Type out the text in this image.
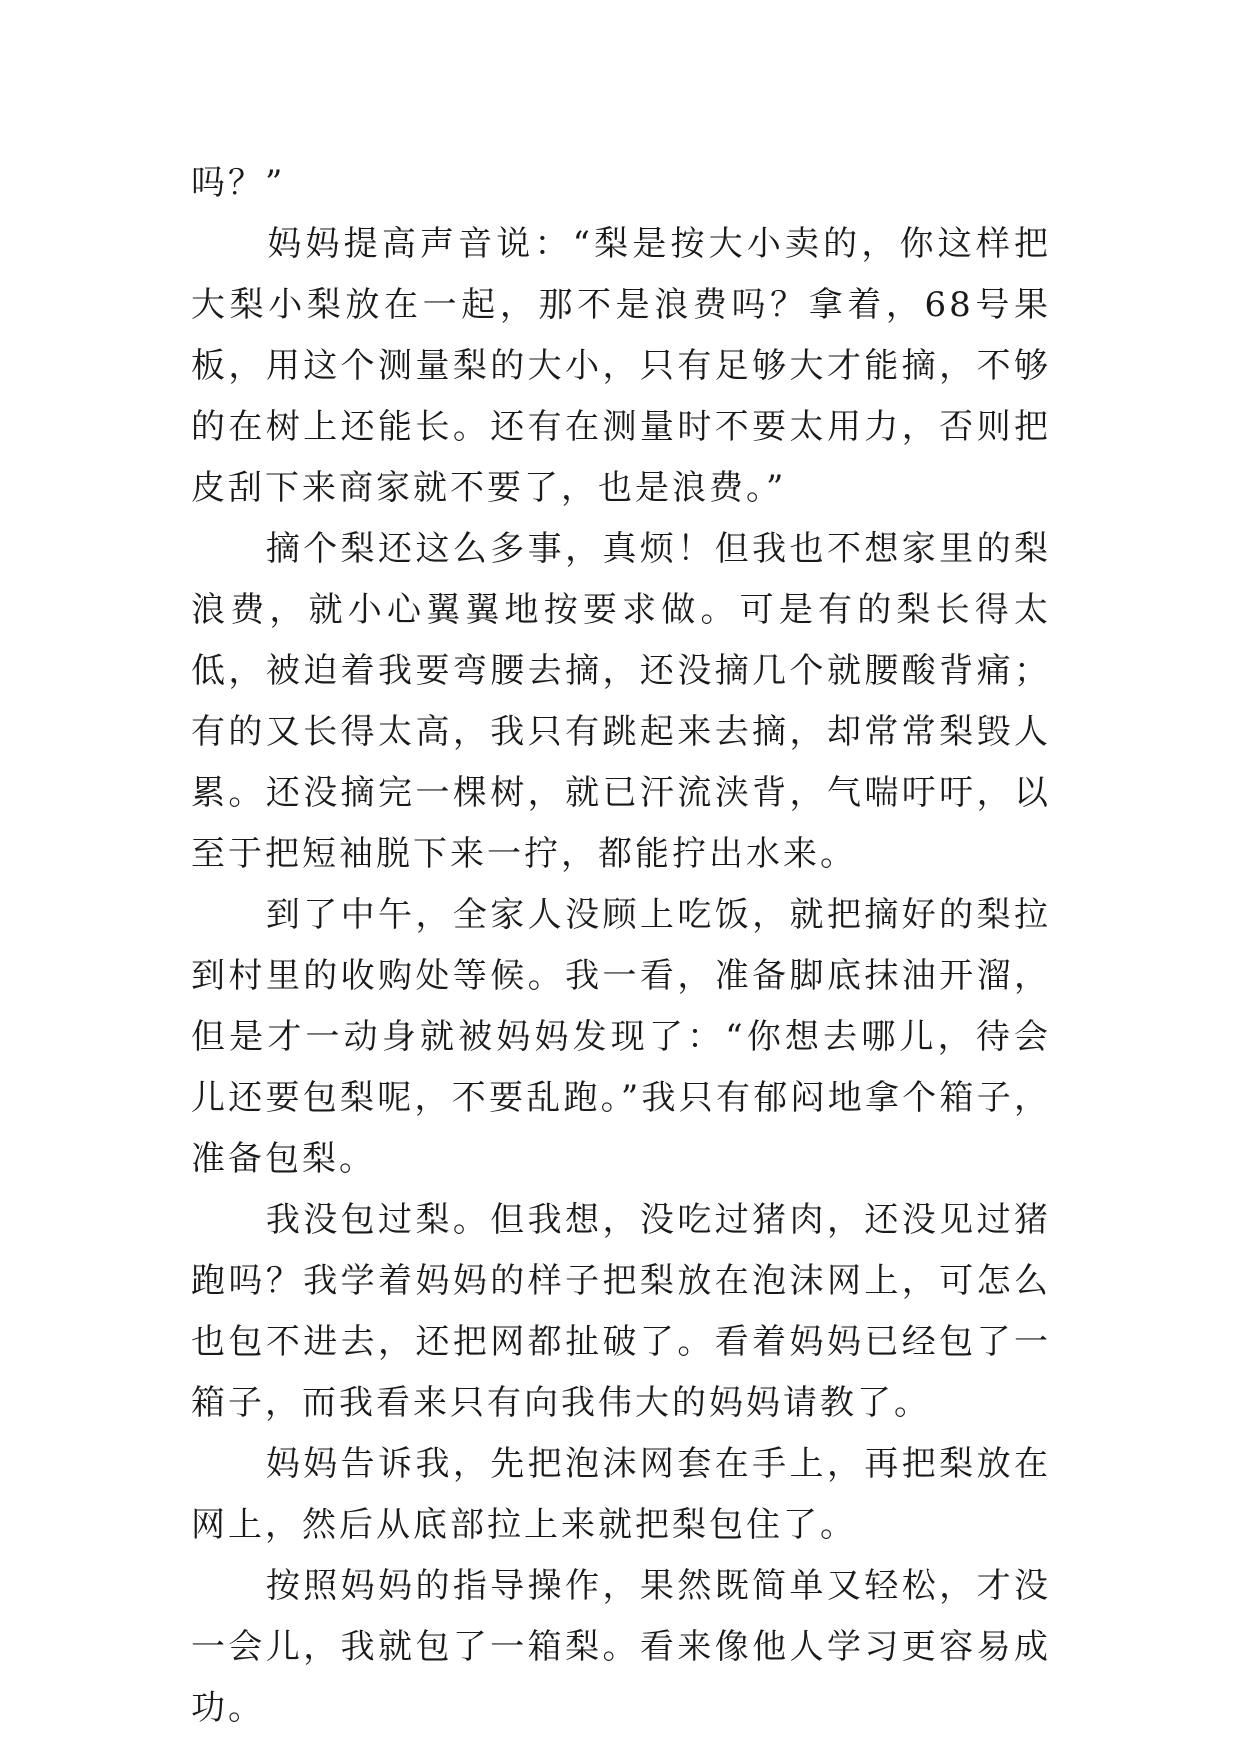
吗？”

　　妈妈提高声音说：“梨是按大小卖的，你这样把大梨小梨放在一起，那不是浪费吗？拿着，68号果板，用这个测量梨的大小，只有足够大才能摘，不够的在树上还能长。还有在测量时不要太用力，否则把皮刮下来商家就不要了，也是浪费。”

　　摘个梨还这么多事，真烦！但我也不想家里的梨浪费，就小心翼翼地按要求做。可是有的梨长得太低，被迫着我要弯腰去摘，还没摘几个就腰酸背痛；有的又长得太高，我只有跳起来去摘，却常常梨毁人累。还没摘完一棵树，就已汗流浃背，气喘吁吁，以至于把短袖脱下来一拧，都能拧出水来。

　　到了中午，全家人没顾上吃饭，就把摘好的梨拉到村里的收购处等候。我一看，准备脚底抹油开溜，但是才一动身就被妈妈发现了：“你想去哪儿，待会儿还要包梨呢，不要乱跑。”我只有郁闷地拿个箱子，准备包梨。

　　我没包过梨。但我想，没吃过猪肉，还没见过猪跑吗？我学着妈妈的样子把梨放在泡沫网上，可怎么也包不进去，还把网都扯破了。看着妈妈已经包了一箱子，而我看来只有向我伟大的妈妈请教了。

　　妈妈告诉我，先把泡沫网套在手上，再把梨放在网上，然后从底部拉上来就把梨包住了。

　　按照妈妈的指导操作，果然既简单又轻松，才没一会儿，我就包了一箱梨。看来像他人学习更容易成功。
